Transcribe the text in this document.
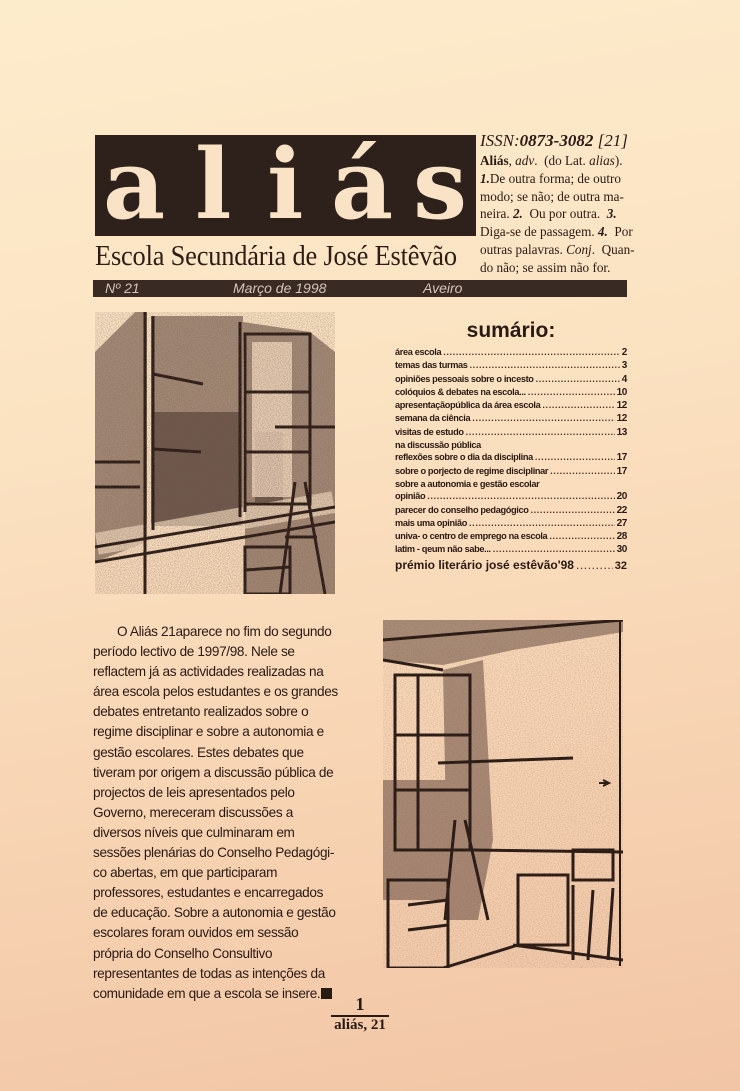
a l i á s
Escola Secundária de José Estêvão
Nº 21	Março de 1998	Aveiro
ISSN:0873-3082 [21]
Aliás, adv.  (do Lat. alias).
1.De outra forma; de outro
modo; se não; de outra ma-
neira. 2.  Ou por outra.  3.
Diga-se de passagem. 4.  Por
outras palavras. Conj.  Quan-
do não; se assim não for.
sumário:
área escola .....	2
temas das turmas .....	3
opiniões pessoais sobre o incesto .....	4
colóquios & debates na escola... .....	10
apresentaçãopública da área escola .....	12
semana da ciência .....	12
visitas de estudo .....	13
na discussão pública
reflexões sobre o dia da disciplina .....	17
sobre o porjecto de regime disciplinar .....	17
sobre a autonomia e gestão escolar
opinião .....	20
parecer do conselho pedagógico .....	22
mais uma opinião .....	27
univa- o centro de emprego na escola .....	28
latim - qeum não sabe... .....	30
prémio literário josé estêvão'98 .....	32
O Aliás 21aparece no fim do segundo
período lectivo de 1997/98. Nele se
reflactem já as actividades realizadas na
área escola pelos estudantes e os grandes
debates entretanto realizados sobre o
regime disciplinar e sobre a autonomia e
gestão escolares. Estes debates que
tiveram por origem a discussão pública de
projectos de leis apresentados pelo
Governo, mereceram discussões a
diversos níveis que culminaram em
sessões plenárias do Conselho Pedagógi-
co abertas, em que participaram
professores, estudantes e encarregados
de educação. Sobre a autonomia e gestão
escolares foram ouvidos em sessão
própria do Conselho Consultivo
representantes de todas as intenções da
comunidade em que a escola se insere.
1
aliás, 21
